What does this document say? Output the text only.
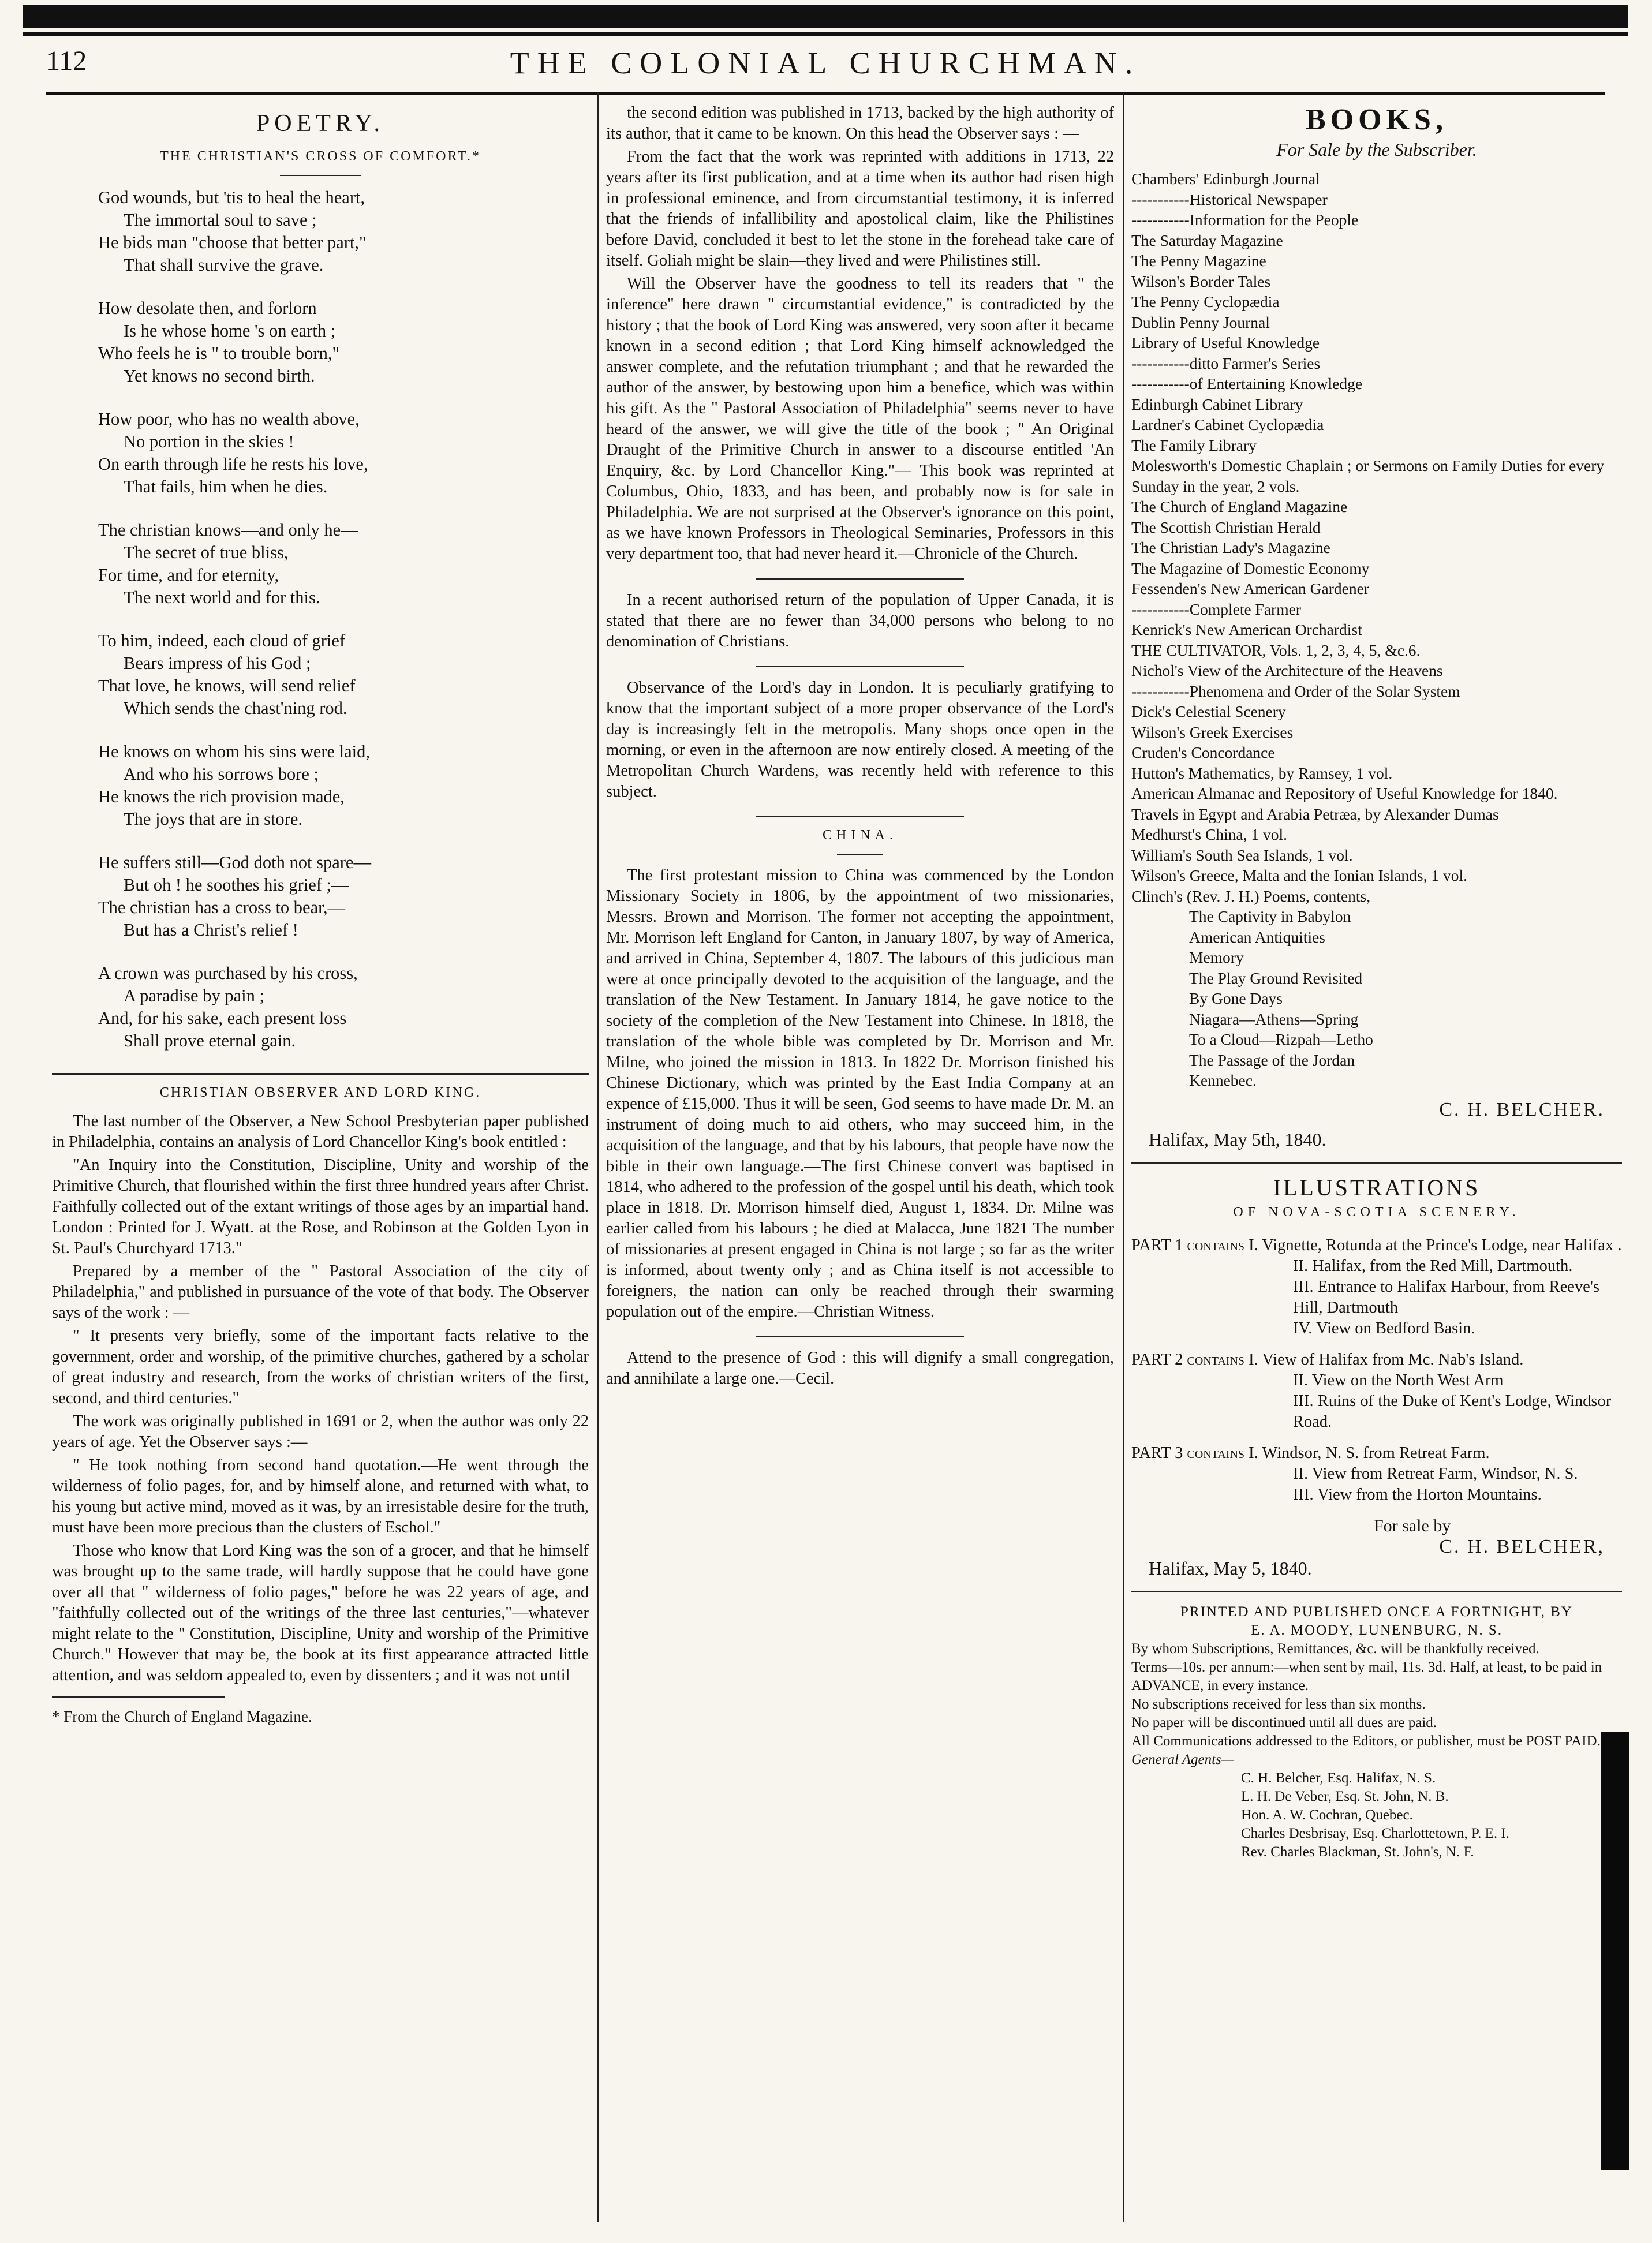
112	THE COLONIAL CHURCHMAN.
POETRY.
THE CHRISTIAN'S CROSS OF COMFORT.*
God wounds, but 'tis to heal the heart,
The immortal soul to save ;
He bids man "choose that better part,"
That shall survive the grave.
How desolate then, and forlorn
Is he whose home 's on earth ;
Who feels he is " to trouble born,"
Yet knows no second birth.
How poor, who has no wealth above,
No portion in the skies !
On earth through life he rests his love,
That fails, him when he dies.
The christian knows—and only he—
The secret of true bliss,
For time, and for eternity,
The next world and for this.
To him, indeed, each cloud of grief
Bears impress of his God ;
That love, he knows, will send relief
Which sends the chast'ning rod.
He knows on whom his sins were laid,
And who his sorrows bore ;
He knows the rich provision made,
The joys that are in store.
He suffers still—God doth not spare—
But oh ! he soothes his grief ;—
The christian has a cross to bear,—
But has a Christ's relief !
A crown was purchased by his cross,
A paradise by pain ;
And, for his sake, each present loss
Shall prove eternal gain.
CHRISTIAN OBSERVER AND LORD KING.

The last number of the Observer, a New School Presbyterian paper published in Philadelphia, contains an analysis of Lord Chancellor King's book entitled :

"An Inquiry into the Constitution, Discipline, Unity and worship of the Primitive Church, that flourished within the first three hundred years after Christ. Faithfully collected out of the extant writings of those ages by an impartial hand. London : Printed for J. Wyatt. at the Rose, and Robinson at the Golden Lyon in St. Paul's Churchyard 1713."

Prepared by a member of the " Pastoral Association of the city of Philadelphia," and published in pursuance of the vote of that body. The Observer says of the work : —

" It presents very briefly, some of the important facts relative to the government, order and worship, of the primitive churches, gathered by a scholar of great industry and research, from the works of christian writers of the first, second, and third centuries."

The work was originally published in 1691 or 2, when the author was only 22 years of age. Yet the Observer says :—

" He took nothing from second hand quotation.—He went through the wilderness of folio pages, for, and by himself alone, and returned with what, to his young but active mind, moved as it was, by an irresistable desire for the truth, must have been more precious than the clusters of Eschol."

Those who know that Lord King was the son of a grocer, and that he himself was brought up to the same trade, will hardly suppose that he could have gone over all that " wilderness of folio pages," before he was 22 years of age, and "faithfully collected out of the writings of the three last centuries,"—whatever might relate to the " Constitution, Discipline, Unity and worship of the Primitive Church." However that may be, the book at its first appearance attracted little attention, and was seldom appealed to, even by dissenters ; and it was not until

* From the Church of England Magazine.

the second edition was published in 1713, backed by the high authority of its author, that it came to be known. On this head the Observer says : —

From the fact that the work was reprinted with additions in 1713, 22 years after its first publication, and at a time when its author had risen high in professional eminence, and from circumstantial testimony, it is inferred that the friends of infallibility and apostolical claim, like the Philistines before David, concluded it best to let the stone in the forehead take care of itself. Goliah might be slain—they lived and were Philistines still.

Will the Observer have the goodness to tell its readers that " the inference" here drawn " circumstantial evidence," is contradicted by the history ; that the book of Lord King was answered, very soon after it became known in a second edition ; that Lord King himself acknowledged the answer complete, and the refutation triumphant ; and that he rewarded the author of the answer, by bestowing upon him a benefice, which was within his gift. As the " Pastoral Association of Philadelphia" seems never to have heard of the answer, we will give the title of the book ; " An Original Draught of the Primitive Church in answer to a discourse entitled 'An Enquiry, &c. by Lord Chancellor King."— This book was reprinted at Columbus, Ohio, 1833, and has been, and probably now is for sale in Philadelphia. We are not surprised at the Observer's ignorance on this point, as we have known Professors in Theological Seminaries, Professors in this very department too, that had never heard it.—Chronicle of the Church.

In a recent authorised return of the population of Upper Canada, it is stated that there are no fewer than 34,000 persons who belong to no denomination of Christians.

Observance of the Lord's day in London. It is peculiarly gratifying to know that the important subject of a more proper observance of the Lord's day is increasingly felt in the metropolis. Many shops once open in the morning, or even in the afternoon are now entirely closed. A meeting of the Metropolitan Church Wardens, was recently held with reference to this subject.

CHINA.

The first protestant mission to China was commenced by the London Missionary Society in 1806, by the appointment of two missionaries, Messrs. Brown and Morrison. The former not accepting the appointment, Mr. Morrison left England for Canton, in January 1807, by way of America, and arrived in China, September 4, 1807. The labours of this judicious man were at once principally devoted to the acquisition of the language, and the translation of the New Testament. In January 1814, he gave notice to the society of the completion of the New Testament into Chinese. In 1818, the translation of the whole bible was completed by Dr. Morrison and Mr. Milne, who joined the mission in 1813. In 1822 Dr. Morrison finished his Chinese Dictionary, which was printed by the East India Company at an expence of £15,000. Thus it will be seen, God seems to have made Dr. M. an instrument of doing much to aid others, who may succeed him, in the acquisition of the language, and that by his labours, that people have now the bible in their own language.—The first Chinese convert was baptised in 1814, who adhered to the profession of the gospel until his death, which took place in 1818. Dr. Morrison himself died, August 1, 1834. Dr. Milne was earlier called from his labours ; he died at Malacca, June 1821 The number of missionaries at present engaged in China is not large ; so far as the writer is informed, about twenty only ; and as China itself is not accessible to foreigners, the nation can only be reached through their swarming population out of the empire.—Christian Witness.

Attend to the presence of God : this will dignify a small congregation, and annihilate a large one.—Cecil.

BOOKS,
For Sale by the Subscriber.
Chambers' Edinburgh Journal
-----------Historical Newspaper
-----------Information for the People
The Saturday Magazine
The Penny Magazine
Wilson's Border Tales
The Penny Cyclopædia
Dublin Penny Journal
Library of Useful Knowledge
-----------ditto Farmer's Series
-----------of Entertaining Knowledge
Edinburgh Cabinet Library
Lardner's Cabinet Cyclopædia
The Family Library
Molesworth's Domestic Chaplain ; or Sermons on Family Duties for every Sunday in the year, 2 vols.
The Church of England Magazine
The Scottish Christian Herald
The Christian Lady's Magazine
The Magazine of Domestic Economy
Fessenden's New American Gardener
-----------Complete Farmer
Kenrick's New American Orchardist
THE CULTIVATOR, Vols. 1, 2, 3, 4, 5, &c.6.
Nichol's View of the Architecture of the Heavens
-----------Phenomena and Order of the Solar System
Dick's Celestial Scenery
Wilson's Greek Exercises
Cruden's Concordance
Hutton's Mathematics, by Ramsey, 1 vol.
American Almanac and Repository of Useful Knowledge for 1840.
Travels in Egypt and Arabia Petræa, by Alexander Dumas
Medhurst's China, 1 vol.
William's South Sea Islands, 1 vol.
Wilson's Greece, Malta and the Ionian Islands, 1 vol.
Clinch's (Rev. J. H.) Poems, contents,
The Captivity in Babylon
American Antiquities
Memory
The Play Ground Revisited
By Gone Days
Niagara—Athens—Spring
To a Cloud—Rizpah—Letho
The Passage of the Jordan
Kennebec.
C. H. BELCHER.
Halifax, May 5th, 1840.
ILLUSTRATIONS
OF NOVA-SCOTIA SCENERY.
PART 1 contains I. Vignette, Rotunda at the Prince's Lodge, near Halifax .
II. Halifax, from the Red Mill, Dartmouth.
III. Entrance to Halifax Harbour, from Reeve's Hill, Dartmouth
IV. View on Bedford Basin.
PART 2 contains I. View of Halifax from Mc. Nab's Island.
II. View on the North West Arm
III. Ruins of the Duke of Kent's Lodge, Windsor Road.
PART 3 contains I. Windsor, N. S. from Retreat Farm.
II. View from Retreat Farm, Windsor, N. S.
III. View from the Horton Mountains.
For sale by
C. H. BELCHER,
Halifax, May 5, 1840.
PRINTED AND PUBLISHED ONCE A FORTNIGHT, BY
E. A. MOODY, LUNENBURG, N. S.
By whom Subscriptions, Remittances, &c. will be thankfully received.
Terms—10s. per annum:—when sent by mail, 11s. 3d. Half, at least, to be paid in ADVANCE, in every instance.
No subscriptions received for less than six months.
No paper will be discontinued until all dues are paid.
All Communications addressed to the Editors, or publisher, must be POST PAID.
General Agents—
C. H. Belcher, Esq. Halifax, N. S.
L. H. De Veber, Esq. St. John, N. B.
Hon. A. W. Cochran, Quebec.
Charles Desbrisay, Esq. Charlottetown, P. E. I.
Rev. Charles Blackman, St. John's, N. F.
